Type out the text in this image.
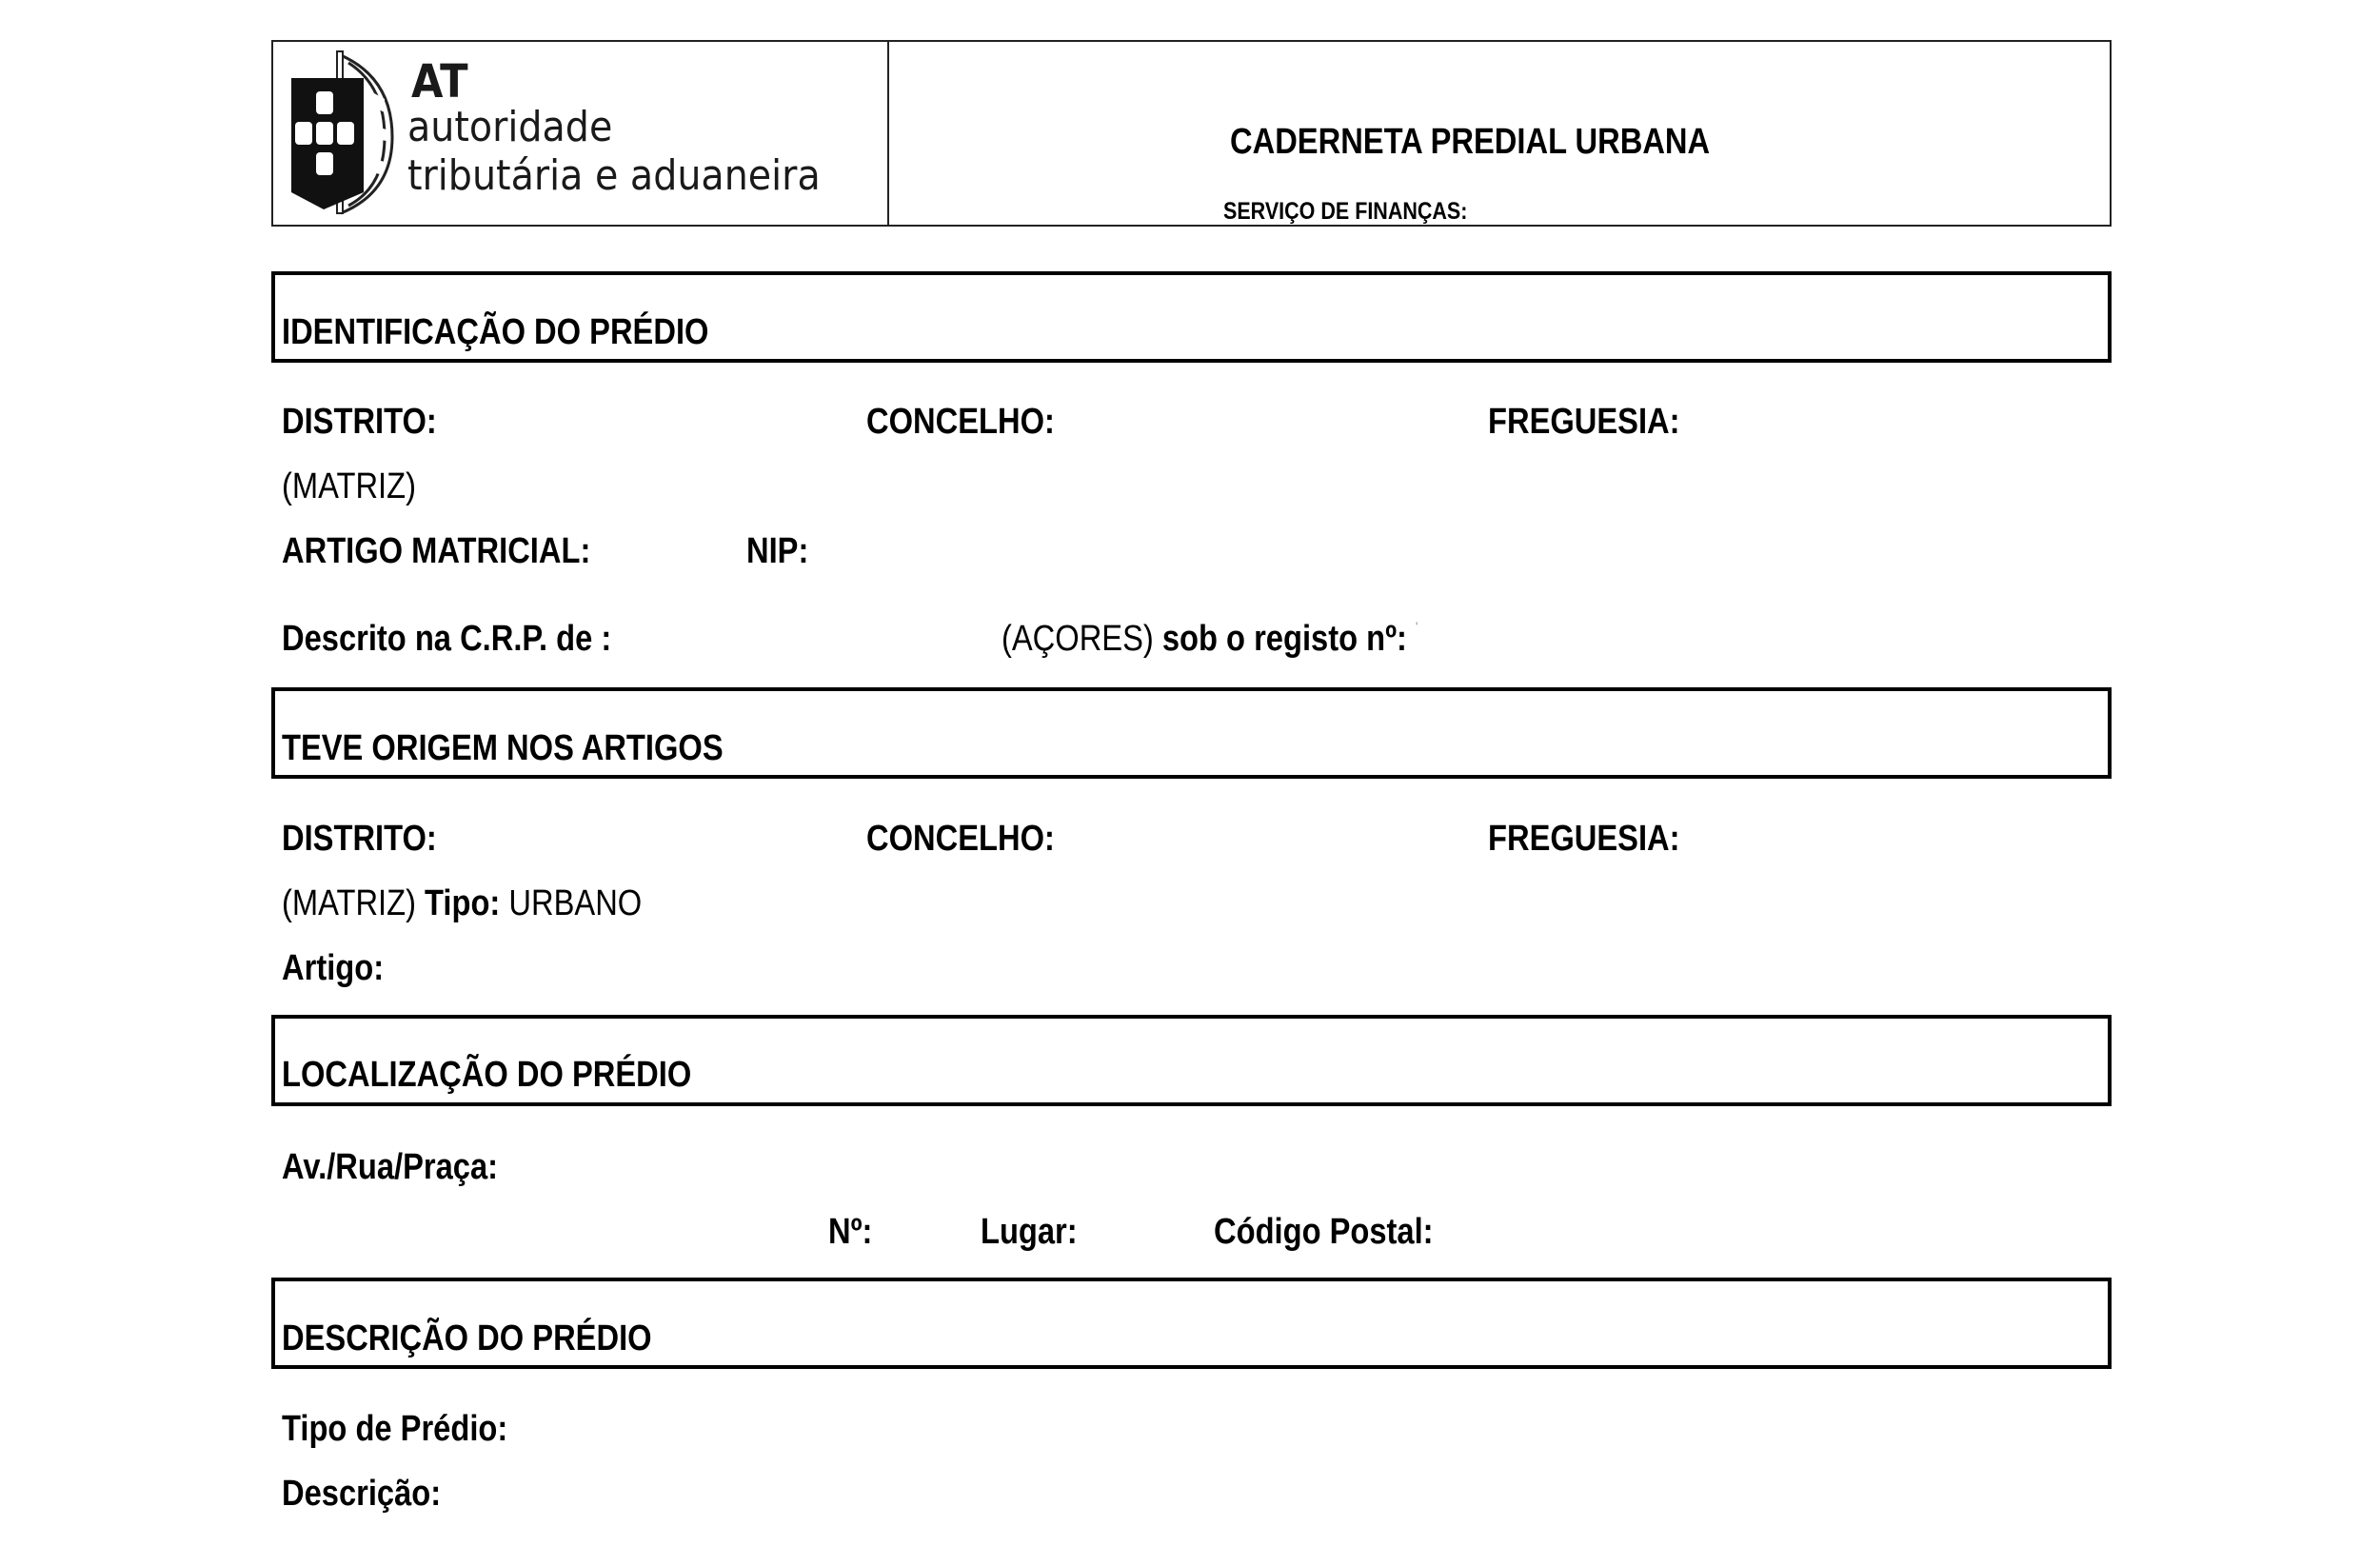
AT
autoridade
tributária e aduaneira
CADERNETA PREDIAL URBANA
SERVIÇO DE FINANÇAS:
IDENTIFICAÇÃO DO PRÉDIO
DISTRITO:	CONCELHO:	FREGUESIA:
(MATRIZ)
ARTIGO MATRICIAL:	NIP:
Descrito na C.R.P. de :	(AÇORES) sob o registo nº: '
TEVE ORIGEM NOS ARTIGOS
DISTRITO:	CONCELHO:	FREGUESIA:
(MATRIZ) Tipo: URBANO
Artigo:
LOCALIZAÇÃO DO PRÉDIO
Av./Rua/Praça:
Nº:	Lugar:	Código Postal:
DESCRIÇÃO DO PRÉDIO
Tipo de Prédio:
Descrição:
